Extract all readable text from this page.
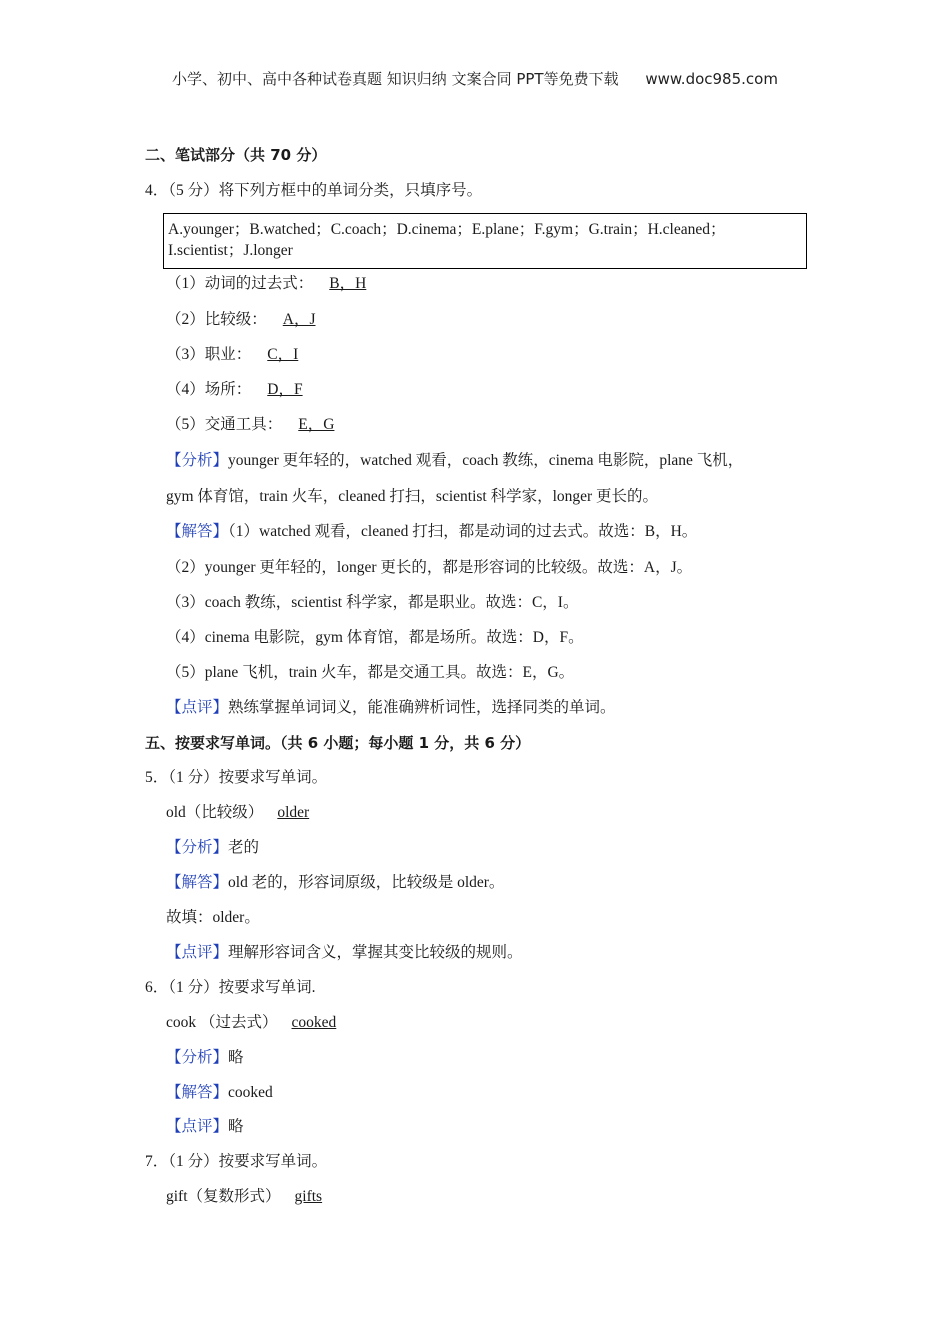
小学、初中、高中各种试卷真题 知识归纳 文案合同 PPT等免费下载 www.doc985.com
二、笔试部分（共 70 分）
4．（5 分）将下列方框中的单词分类，只填序号。
A.younger；B.watched；C.coach；D.cinema；E.plane；F.gym；G.train；H.cleaned；
I.scientist；J.longer
（1）动词的过去式： B，H
（2）比较级： A，J
（3）职业： C，I
（4）场所： D，F
（5）交通工具： E，G
【分析】younger 更年轻的，watched 观看，coach 教练，cinema 电影院，plane 飞机，
gym 体育馆，train 火车，cleaned 打扫，scientist 科学家，longer 更长的。
【解答】（1）watched 观看，cleaned 打扫，都是动词的过去式。故选：B，H。
（2）younger 更年轻的，longer 更长的，都是形容词的比较级。故选：A，J。
（3）coach 教练，scientist 科学家，都是职业。故选：C，I。
（4）cinema 电影院，gym 体育馆，都是场所。故选：D，F。
（5）plane 飞机，train 火车，都是交通工具。故选：E，G。
【点评】熟练掌握单词词义，能准确辨析词性，选择同类的单词。
五、按要求写单词。（共 6 小题；每小题 1 分，共 6 分）
5．（1 分）按要求写单词。
old（比较级） older
【分析】老的
【解答】old 老的，形容词原级，比较级是 older。
故填：older。
【点评】理解形容词含义，掌握其变比较级的规则。
6．（1 分）按要求写单词.
cook （过去式） cooked
【分析】略
【解答】cooked
【点评】略
7．（1 分）按要求写单词。
gift（复数形式） gifts
